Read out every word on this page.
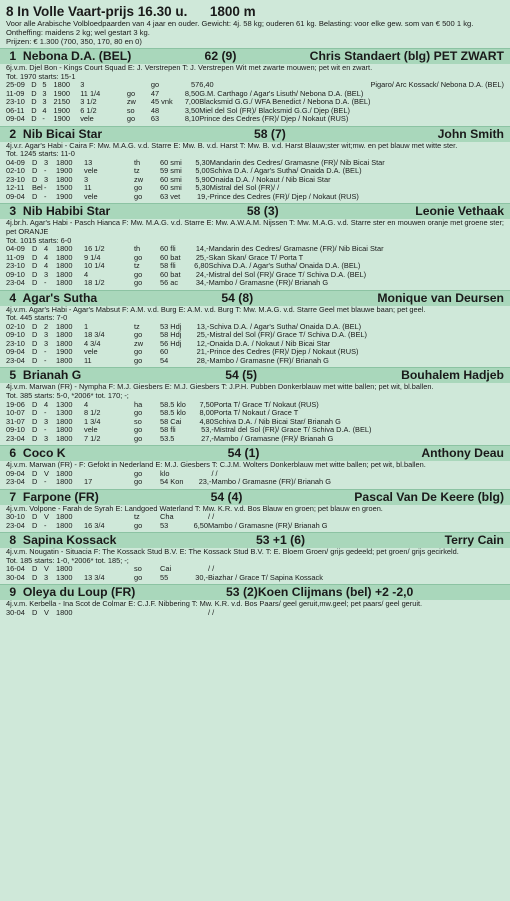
8 In Volle Vaart-prijs 16.30 u.      1800 m
Voor alle Arabische Volbloedpaarden van 4 jaar en ouder. Gewicht: 4j. 58 kg; ouderen 61 kg. Belasting: voor elke gew. som van € 500 1 kg. Ontheffing: maidens 2 kg; wel gestart 3 kg.
Prijzen: € 1.300 (700, 350, 170, 80 en 0)
1  Nebona D.A. (BEL)	62 (9)	Chris Standaert (blg) PET ZWART
6j.v.m. Djel Bon - Kings Court Squad E: J. Verstrepen T: J. Verstrepen Wit met zwarte mouwen; pet wit en zwart.
Tot. 1970 starts: 15-1
25-09	D	5	1800	3		go	57	6,40	Pigaro/ Arc Kossack/ Nebona D.A. (BEL)
11-09	D	3	1900	11 1/4	go	47	8,50	G.M. Carthago / Agar's Lisuth/ Nebona D.A. (BEL)	
23-10	D	3	2150	3 1/2	zw	45 vnk	7,00	Blacksmid G.G./ WFA Benedict / Nebona D.A. (BEL)	
06-11	D	4	1900	6 1/2	so	48	3,50	Miel del Sol (FR)/ Blacksmid G.G./ Djep (BEL)	
09-04	D	-	1900	vele	go	63	8,10	Prince des Cedres (FR)/ Djep / Nokaut (RUS)	
2  Nib Bicai Star	58 (7)	John Smith
4j.v.r. Agar's Habi - Caira F: Mw. M.A.G. v.d. Starre E: Mw. B. v.d. Harst T: Mw. B. v.d. Harst Blauw;ster wit;mw. en pet blauw met witte ster.
Tot. 1245 starts: 11-0
04-09	D	3	1800	13	th	60 smi	5,30	Mandarin des Cedres/ Gramasne (FR)/ Nib Bicai Star
02-10	D	-	1900	vele	tz	59 smi	5,00	Schiva D.A. / Agar's Sutha/ Onaida D.A. (BEL)
23-10	D	3	1800	3	zw	60 smi	5,90	Onaida D.A. / Nokaut / Nib Bicai Star
12-11	Bel	-	1500	11	go	60 smi	5,30	Mistral del Sol (FR)/ /
09-04	D	-	1900	vele	go	63 vet	19,-	Prince des Cedres (FR)/ Djep / Nokaut (RUS)
3  Nib Habibi Star	58 (3)	Leonie Vethaak
4j.br.h. Agar's Habi - Pasch Hianca F: Mw. M.A.G. v.d. Starre E: Mw. A.W.A.M. Nijssen T: Mw. M.A.G. v.d. Starre ster en mouwen oranje met groene ster; pet ORANJE
Tot. 1015 starts: 6-0
04-09	D	4	1800	16 1/2	th	60 fli	14,-	Mandarin des Cedres/ Gramasne (FR)/ Nib Bicai Star
11-09	D	4	1800	9 1/4	go	60 bat	25,-	Skan Skan/ Grace T/ Porta T
23-10	D	4	1800	10 1/4	tz	58 fli	6,80	Schiva D.A. / Agar's Sutha/ Onaida D.A. (BEL)
09-10	D	3	1800	4	go	60 bat	24,-	Mistral del Sol (FR)/ Grace T/ Schiva D.A. (BEL)
23-04	D	-	1800	18 1/2	go	56 ac	34,-	Mambo / Gramasne (FR)/ Brianah G
4  Agar's Sutha	54 (8)	Monique van Deursen
4j.v.m. Agar's Habi - Agar's Mabsut F: A.M. v.d. Burg E: A.M. v.d. Burg T: Mw. M.A.G. v.d. Starre Geel met blauwe baan; pet geel.
Tot. 445 starts: 7-0
02-10	D	2	1800	1	tz	53 Hdj	13,-	Schiva D.A. / Agar's Sutha/ Onaida D.A. (BEL)
09-10	D	3	1800	18 3/4	go	58 Hdj	25,-	Mistral del Sol (FR)/ Grace T/ Schiva D.A. (BEL)
23-10	D	3	1800	4 3/4	zw	56 Hdj	12,-	Onaida D.A. / Nokaut / Nib Bicai Star
09-04	D	-	1900	vele	go	60	21,-	Prince des Cedres (FR)/ Djep / Nokaut (RUS)
23-04	D	-	1800	11	go	54	28,-	Mambo / Gramasne (FR)/ Brianah G
5  Brianah G	54 (5)	Bouhalem Hadjeb
4j.v.m. Marwan (FR) - Nympha F: M.J. Giesbers E: M.J. Giesbers T: J.P.H. Pubben Donkerblauw met witte ballen; pet wit, bl.ballen.
Tot. 385 starts: 5-0, *2006* tot. 170; -;
19-06	D	4	1300	4	ha	58.5 klo	7,50	Porta T/ Grace T/ Nokaut (RUS)
10-07	D	-	1300	8 1/2	go	58.5 klo	8,00	Porta T/ Nokaut / Grace T
31-07	D	3	1800	1 3/4	so	58 Cai	4,80	Schiva D.A. / Nib Bicai Star/ Brianah G
09-10	D	-	1800	vele	go	58 fli	53,-	Mistral del Sol (FR)/ Grace T/ Schiva D.A. (BEL)
23-04	D	3	1800	7 1/2	go	53.5	27,-	Mambo / Gramasne (FR)/ Brianah G
6  Coco K	54 (1)	Anthony Deau
4j.v.m. Marwan (FR) - F: Gefokt in Nederland E: M.J. Giesbers T: C.J.M. Wolters Donkerblauw met witte ballen; pet wit, bl.ballen.
09-04	D	V	1800		go	klo		/ /
23-04	D	-	1800	17	go	54 Kon	23,-	Mambo / Gramasne (FR)/ Brianah G
7  Farpone (FR)	54 (4)	Pascal Van De Keere (blg)
4j.v.m. Volpone - Farah de Syrah E: Landgoed Waterland T: Mw. K.R. v.d. Bos Blauw en groen; pet blauw en groen.
30-10	D	V	1800		tz	Cha		/ /
23-04	D	-	1800	16 3/4	go	53	6,50	Mambo / Gramasne (FR)/ Brianah G
8  Sapina Kossack	53 +1 (6)	Terry Cain
4j.v.m. Nougatin - Situacia F: The Kossack Stud B.V. E: The Kossack Stud B.V. T: E. Bloem Groen/ grijs gedeeld; pet groen/ grijs gecirkeld.
Tot. 185 starts: 1-0, *2006* tot. 185; -;
16-04	D	V	1800		so	Cai		/ /
30-04	D	3	1300	13 3/4	go	55	30,-	Biazhar / Grace T/ Sapina Kossack
9  Oleya du Loup (FR)	53 (2)Koen Clijmans (bel) +2 -2,0
4j.v.m. Kerbella - Ina Scot de Colmar E: C.J.F. Nibbering T: Mw. K.R. v.d. Bos Paars/ geel geruit,mw.geel; pet paars/ geel geruit.
30-04	D	V	1800					/ /
